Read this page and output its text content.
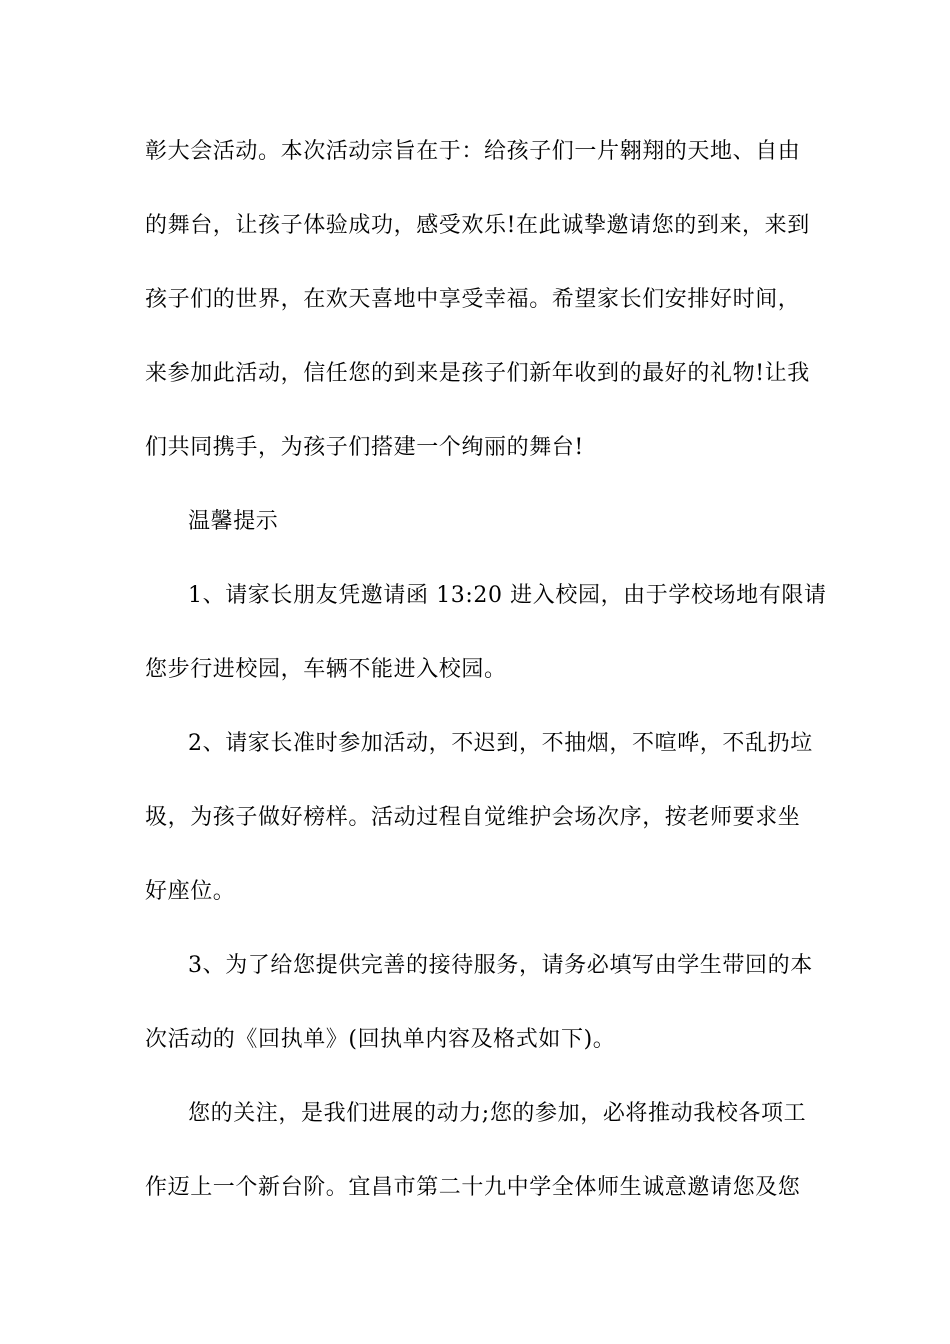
彰大会活动。本次活动宗旨在于：给孩子们一片翱翔的天地、自由
的舞台，让孩子体验成功，感受欢乐!在此诚挚邀请您的到来，来到
孩子们的世界，在欢天喜地中享受幸福。希望家长们安排好时间，
来参加此活动，信任您的到来是孩子们新年收到的最好的礼物!让我
们共同携手，为孩子们搭建一个绚丽的舞台!
温馨提示
1、请家长朋友凭邀请函 13:20 进入校园，由于学校场地有限请
您步行进校园，车辆不能进入校园。
2、请家长准时参加活动，不迟到，不抽烟，不喧哗，不乱扔垃
圾，为孩子做好榜样。活动过程自觉维护会场次序，按老师要求坐
好座位。
3、为了给您提供完善的接待服务，请务必填写由学生带回的本
次活动的《回执单》(回执单内容及格式如下)。
您的关注，是我们进展的动力;您的参加，必将推动我校各项工
作迈上一个新台阶。宜昌市第二十九中学全体师生诚意邀请您及您
